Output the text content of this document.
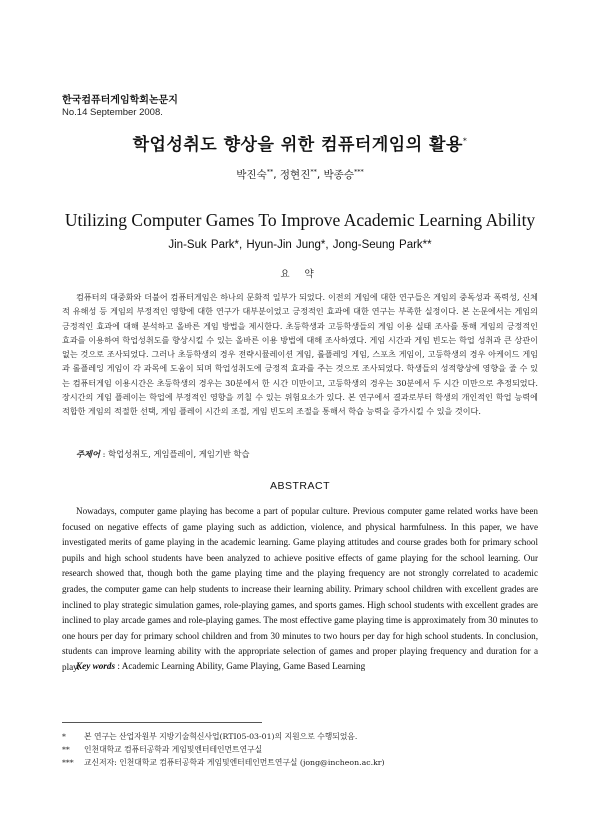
한국컴퓨터게임학회논문지
No.14 September 2008.
학업성취도 향상을 위한 컴퓨터게임의 활용*
박진숙**, 정현진**, 박종승***
Utilizing Computer Games To Improve Academic Learning Ability
Jin-Suk Park*, Hyun-Jin Jung*, Jong-Seung Park**
요 약

컴퓨터의 대중화와 더불어 컴퓨터게임은 하나의 문화적 일부가 되었다. 이전의 게임에 대한 연구들은 게임의 중독성과 폭력성, 신체적 유해성 등 게임의 부정적인 영향에 대한 연구가 대부분이었고 긍정적인 효과에 대한 연구는 부족한 실정이다. 본 논문에서는 게임의 긍정적인 효과에 대해 분석하고 올바른 게임 방법을 제시한다. 초등학생과 고등학생들의 게임 이용 실태 조사를 통해 게임의 긍정적인 효과를 이용하여 학업성취도를 향상시킬 수 있는 올바른 이용 방법에 대해 조사하였다. 게임 시간과 게임 빈도는 학업 성취과 큰 상관이 없는 것으로 조사되었다. 그러나 초등학생의 경우 전략시뮬레이션 게임, 롤플레잉 게임, 스포츠 게임이, 고등학생의 경우 아케이드 게임과 롤플레잉 게임이 각 과목에 도움이 되며 학업성취도에 긍정적 효과를 주는 것으로 조사되었다. 학생들의 성적향상에 영향을 줄 수 있는 컴퓨터게임 이용시간은 초등학생의 경우는 30분에서 한 시간 미만이고, 고등학생의 경우는 30분에서 두 시간 미만으로 추정되었다. 장시간의 게임 플레이는 학업에 부정적인 영향을 끼칠 수 있는 위험요소가 있다. 본 연구에서 결과로부터 학생의 개인적인 학업 능력에 적합한 게임의 적절한 선택, 게임 플레이 시간의 조절, 게임 빈도의 조절을 통해서 학습 능력을 증가시킬 수 있을 것이다.

주제어 : 학업성취도, 게임플레이, 게임기반 학습
ABSTRACT

Nowadays, computer game playing has become a part of popular culture. Previous computer game related works have been focused on negative effects of game playing such as addiction, violence, and physical harmfulness. In this paper, we have investigated merits of game playing in the academic learning. Game playing attitudes and course grades both for primary school pupils and high school students have been analyzed to achieve positive effects of game playing for the school learning. Our research showed that, though both the game playing time and the playing frequency are not strongly correlated to academic grades, the computer game can help students to increase their learning ability. Primary school children with excellent grades are inclined to play strategic simulation games, role-playing games, and sports games. High school students with excellent grades are inclined to play arcade games and role-playing games. The most effective game playing time is approximately from 30 minutes to one hours per day for primary school children and from 30 minutes to two hours per day for high school students. In conclusion, students can improve learning ability with the appropriate selection of games and proper playing frequency and duration for a play.

Key words : Academic Learning Ability, Game Playing, Game Based Learning
* 본 연구는 산업자원부 지방기술혁신사업(RTI05-03-01)의 지원으로 수행되었음.
** 인천대학교 컴퓨터공학과 게임및엔터테인먼트연구실
*** 교신저자: 인천대학교 컴퓨터공학과 게임및엔터테인먼트연구실 (jong@incheon.ac.kr)
